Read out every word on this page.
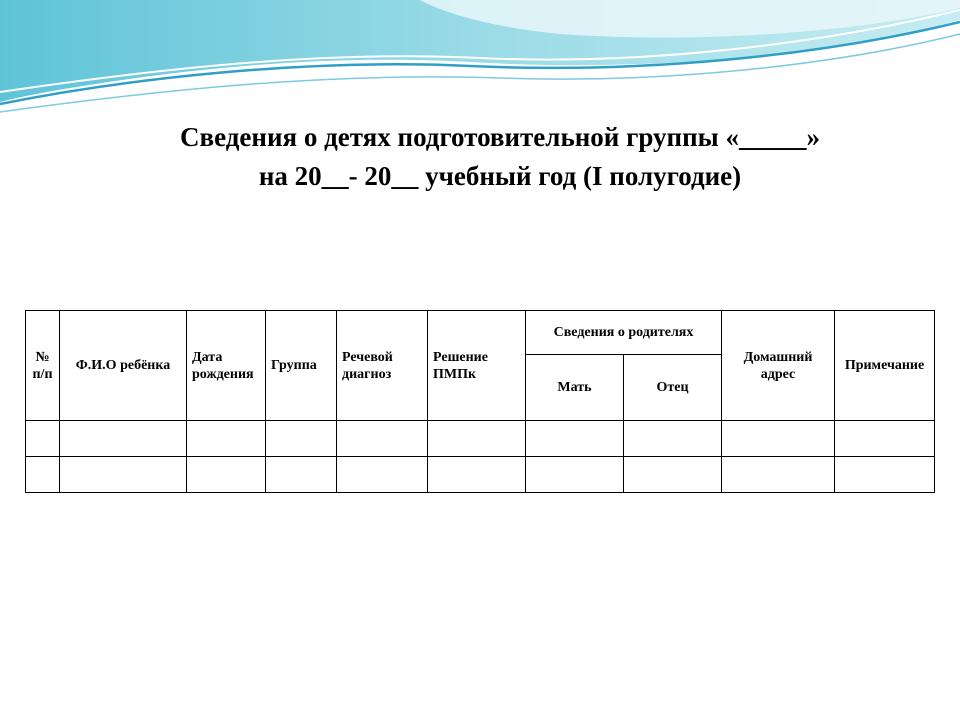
Сведения о детях подготовительной группы «_____»
на 20__- 20__ учебный год (I полугодие)
№ п/п	Ф.И.О ребёнка	Дата рождения	Группа	Речевой диагноз	Решение ПМПк	Сведения о родителях		Домашний адрес	Примечание
						Мать	Отец		
